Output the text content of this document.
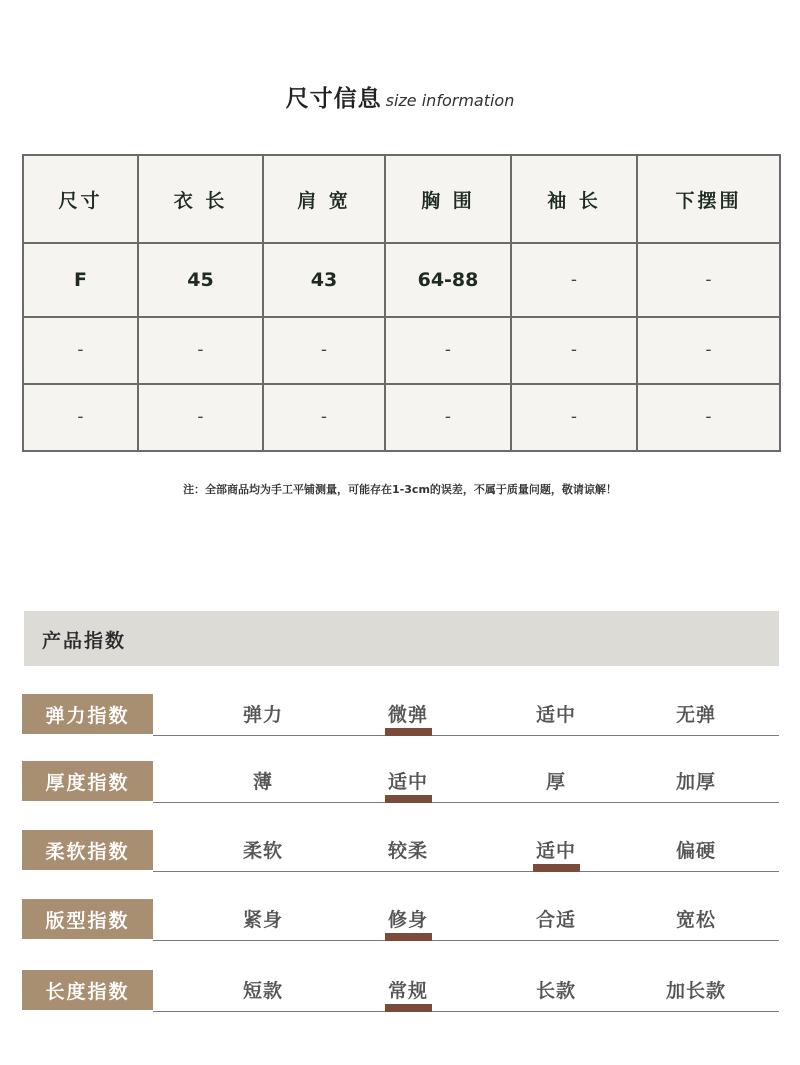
尺寸信息 size information
尺寸	衣 长	肩 宽	胸 围	袖 长	下摆围
F	45	43	64-88	-	-
-	-	-	-	-	-
-	-	-	-	-	-
注：全部商品均为手工平铺测量，可能存在1-3cm的误差，不属于质量问题，敬请谅解！
产品指数
弹力指数	弹力	微弹	适中	无弹
厚度指数	薄	适中	厚	加厚
柔软指数	柔软	较柔	适中	偏硬
版型指数	紧身	修身	合适	宽松
长度指数	短款	常规	长款	加长款
